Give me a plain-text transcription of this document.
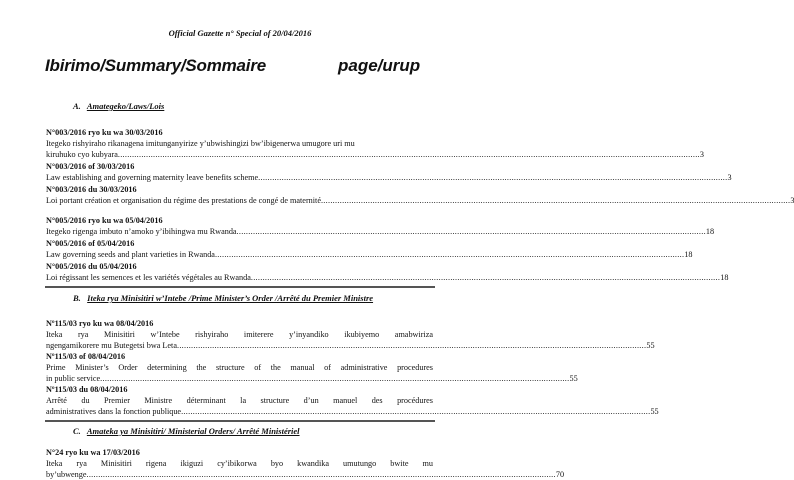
Official Gazette n° Special of 20/04/2016
Ibirimo/Summary/Sommaire	page/urup
A. Amategeko/Laws/Lois
N°003/2016 ryo ku wa 30/03/2016
Itegeko rishyiraho rikanagena imitunganyirize y’ubwishingizi bw’ibigenerwa umugore uri mu
kiruhuko cyo kubyara ........................................................................................................................................................................................................................................................ 3
N°003/2016 of 30/03/2016
Law establishing and governing maternity leave benefits scheme ........................................................................................................................................................................................................ 3
N°003/2016 du 30/03/2016
Loi portant création et organisation du régime des prestations de congé de maternité ........................................................................................................................................................................................................ 3
N°005/2016 ryo ku wa 05/04/2016
Itegeko rigenga imbuto n’amoko y’ibihingwa mu Rwanda ........................................................................................................................................................................................................ 18
N°005/2016 of 05/04/2016
Law governing seeds and plant varieties in Rwanda ........................................................................................................................................................................................................ 18
N°005/2016 du 05/04/2016
Loi régissant les semences et les variétés végétales au Rwanda ........................................................................................................................................................................................................ 18
B. Iteka rya Minisitiri w’Intebe /Prime Minister’s Order /Arrêté du Premier Ministre
Nº115/03 ryo ku wa 08/04/2016
Iteka rya Minisitiri w’Intebe rishyiraho imiterere y’inyandiko ikubiyemo amabwiriza
ngengamikorere mu Butegetsi bwa Leta ........................................................................................................................................................................................................ 55
Nº115/03 of 08/04/2016
Prime Minister’s Order determining the structure of the manual of administrative procedures
in public service ........................................................................................................................................................................................................ 55
Nº115/03 du 08/04/2016
Arrêté du Premier Ministre déterminant la structure d’un manuel des procédures
administratives dans la fonction publique ........................................................................................................................................................................................................ 55
C. Amateka ya Minisitiri/ Ministerial Orders/ Arrêté Ministériel
N°24 ryo ku wa 17/03/2016
Iteka rya Minisitiri rigena ikiguzi cy’ibikorwa byo kwandika umutungo bwite mu
by’ubwenge ........................................................................................................................................................................................................ 70
